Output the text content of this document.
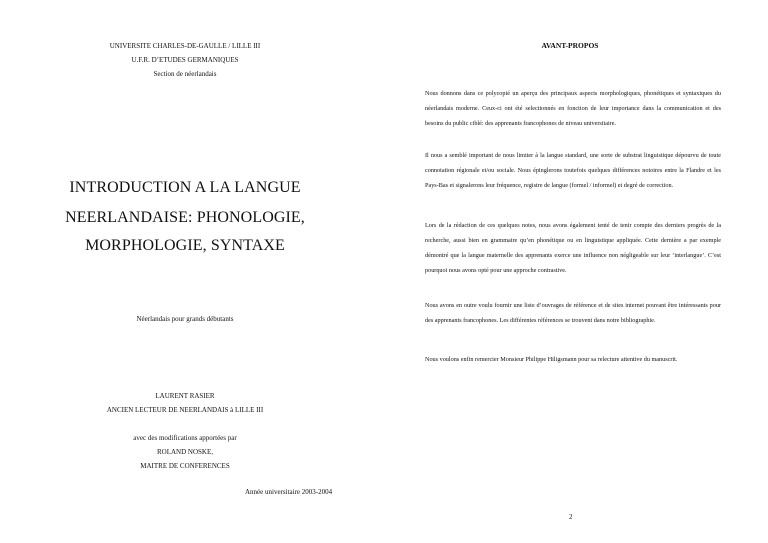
UNIVERSITE CHARLES-DE-GAULLE / LILLE III
U.F.R. D’ETUDES GERMANIQUES
Section de néerlandais
INTRODUCTION A LA LANGUE
NEERLANDAISE: PHONOLOGIE,
MORPHOLOGIE, SYNTAXE
Néerlandais pour grands débutants
LAURENT RASIER
ANCIEN LECTEUR DE NEERLANDAIS à LILLE III
avec des modifications apportées par
ROLAND NOSKE,
MAITRE DE CONFERENCES
Année universitaire 2003-2004
AVANT-PROPOS
Nous donnons dans ce polycopié un aperçu des principaux aspects morphologiques, phonétiques et syntaxiques du néerlandais moderne. Ceux-ci ont été selectionnés en fonction de leur importance dans la communication et des besoins du public ciblé: des apprenants francophones de niveau universitaire.
Il nous a semblé important de nous limiter à la langue standard, une sorte de substrat linguistique dépourvu de toute connotation régionale et/ou sociale. Nous épinglerons toutefois quelques différences notoires entre la Flandre et les Pays-Bas et signalerons leur fréquence, registre de langue (formel / informel) et degré de correction.
Lors de la rédaction de ces quelques notes, nous avons également tenté de tenir compte des derniers progrès de la recherche, aussi bien en grammaire qu’en phonétique ou en linguistique appliquée. Cette dernière a par exemple démontré que la langue maternelle des apprenants exerce une influence non négligeable sur leur ‘interlangue’. C’est pourquoi nous avons opté pour une approche contrastive.
Nous avons en outre voulu fournir une liste d’ouvrages de référence et de sites internet pouvant être intéressants pour des apprenants francophones. Les différentes références se trouvent dans notre bibliographie.
Nous voulons enfin remercier Monsieur Philippe Hiligsmann pour sa relecture attentive du manuscrit.
2
